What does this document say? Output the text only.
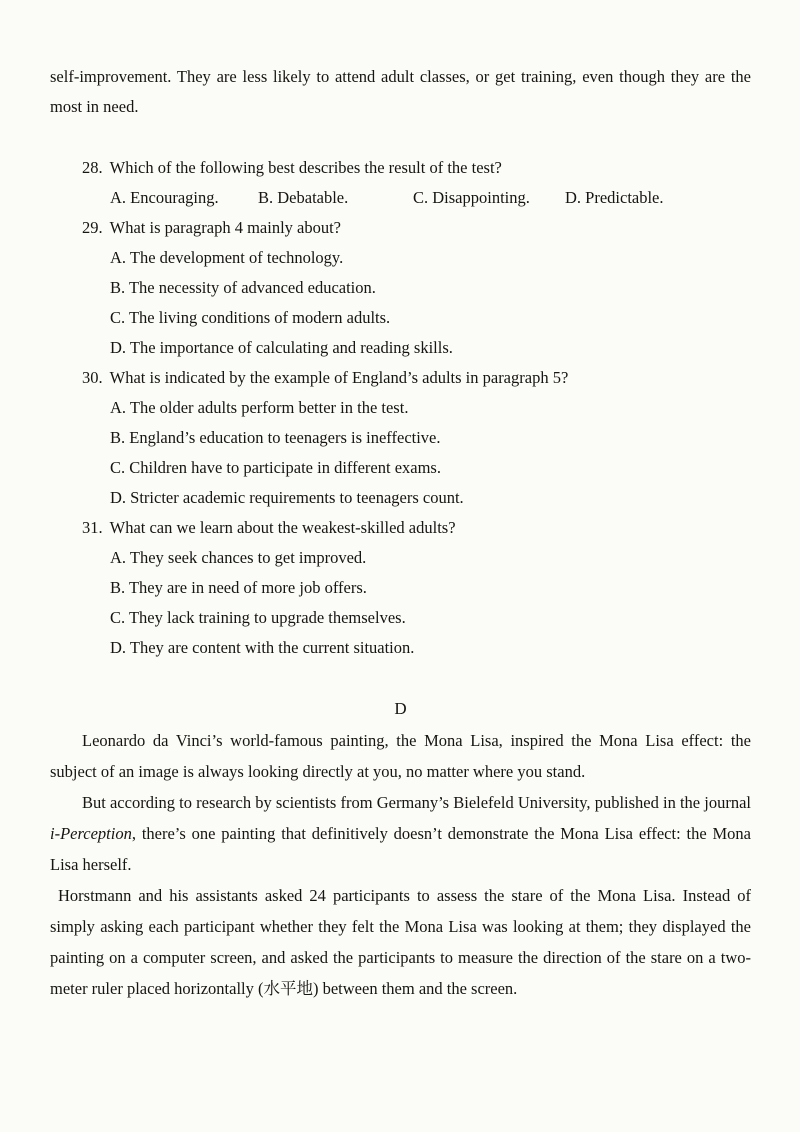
self-improvement. They are less likely to attend adult classes, or get training, even though they are the most in need.

28. Which of the following best describes the result of the test?

A. Encouraging. B. Debatable.	C. Disappointing. D. Predictable.

29. What is paragraph 4 mainly about?

A. The development of technology.

B. The necessity of advanced education.

C. The living conditions of modern adults.

D. The importance of calculating and reading skills.

30. What is indicated by the example of England’s adults in paragraph 5?

A. The older adults perform better in the test.

B. England’s education to teenagers is ineffective.

C. Children have to participate in different exams.

D. Stricter academic requirements to teenagers count.

31. What can we learn about the weakest-skilled adults?

A. They seek chances to get improved.

B. They are in need of more job offers.

C. They lack training to upgrade themselves.

D. They are content with the current situation.

D

Leonardo da Vinci’s world-famous painting, the Mona Lisa, inspired the Mona Lisa effect: the subject of an image is always looking directly at you, no matter where you stand.

But according to research by scientists from Germany’s Bielefeld University, published in the journal i-Perception, there’s one painting that definitively doesn’t demonstrate the Mona Lisa effect: the Mona Lisa herself.

Horstmann and his assistants asked 24 participants to assess the stare of the Mona Lisa. Instead of simply asking each participant whether they felt the Mona Lisa was looking at them; they displayed the painting on a computer screen, and asked the participants to measure the direction of the stare on a two-meter ruler placed horizontally (水平地) between them and the screen.
